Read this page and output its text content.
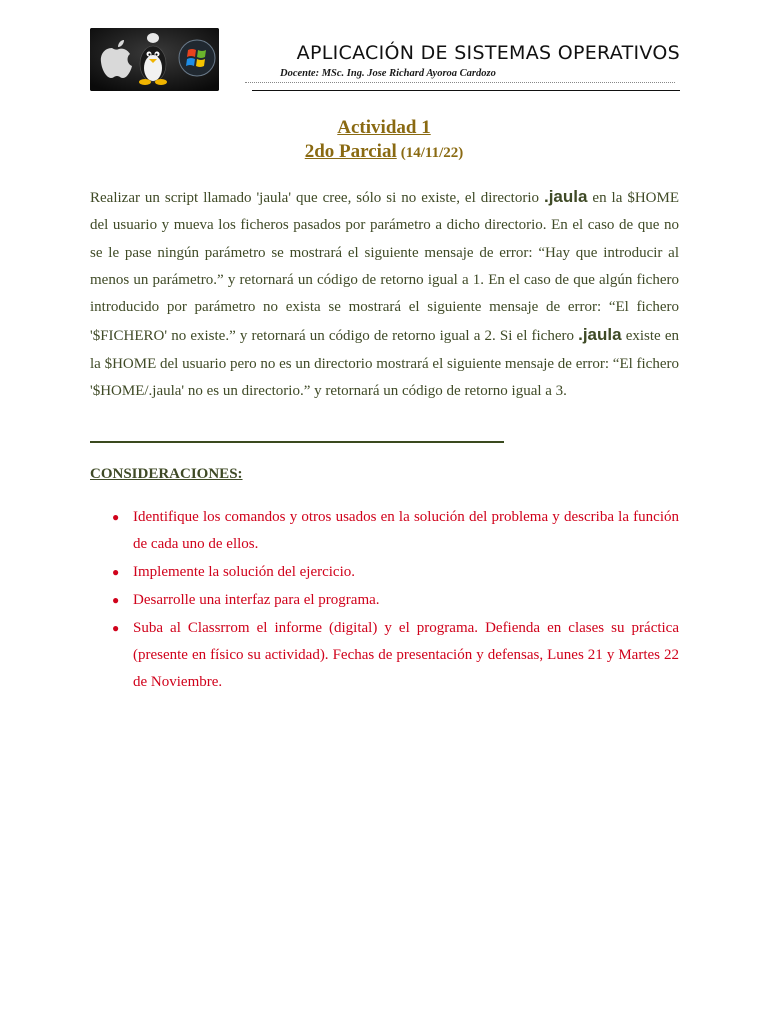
APLICACIÓN DE SISTEMAS OPERATIVOS
Docente: MSc. Ing. Jose Richard Ayoroa Cardozo
Actividad 1
2do Parcial (14/11/22)
Realizar un script llamado 'jaula' que cree, sólo si no existe, el directorio .jaula en la $HOME del usuario y mueva los ficheros pasados por parámetro a dicho directorio. En el caso de que no se le pase ningún parámetro se mostrará el siguiente mensaje de error: “Hay que introducir al menos un parámetro.” y retornará un código de retorno igual a 1. En el caso de que algún fichero introducido por parámetro no exista se mostrará el siguiente mensaje de error: “El fichero '$FICHERO' no existe.” y retornará un código de retorno igual a 2. Si el fichero .jaula existe en la $HOME del usuario pero no es un directorio mostrará el siguiente mensaje de error: “El fichero '$HOME/.jaula' no es un directorio.” y retornará un código de retorno igual a 3.
CONSIDERACIONES:
● Identifique los comandos y otros usados en la solución del problema y describa la función de cada uno de ellos.
● Implemente la solución del ejercicio.
● Desarrolle una interfaz para el programa.
● Suba al Classrrom el informe (digital) y el programa. Defienda en clases su práctica (presente en físico su actividad). Fechas de presentación y defensas, Lunes 21 y Martes 22 de Noviembre.
